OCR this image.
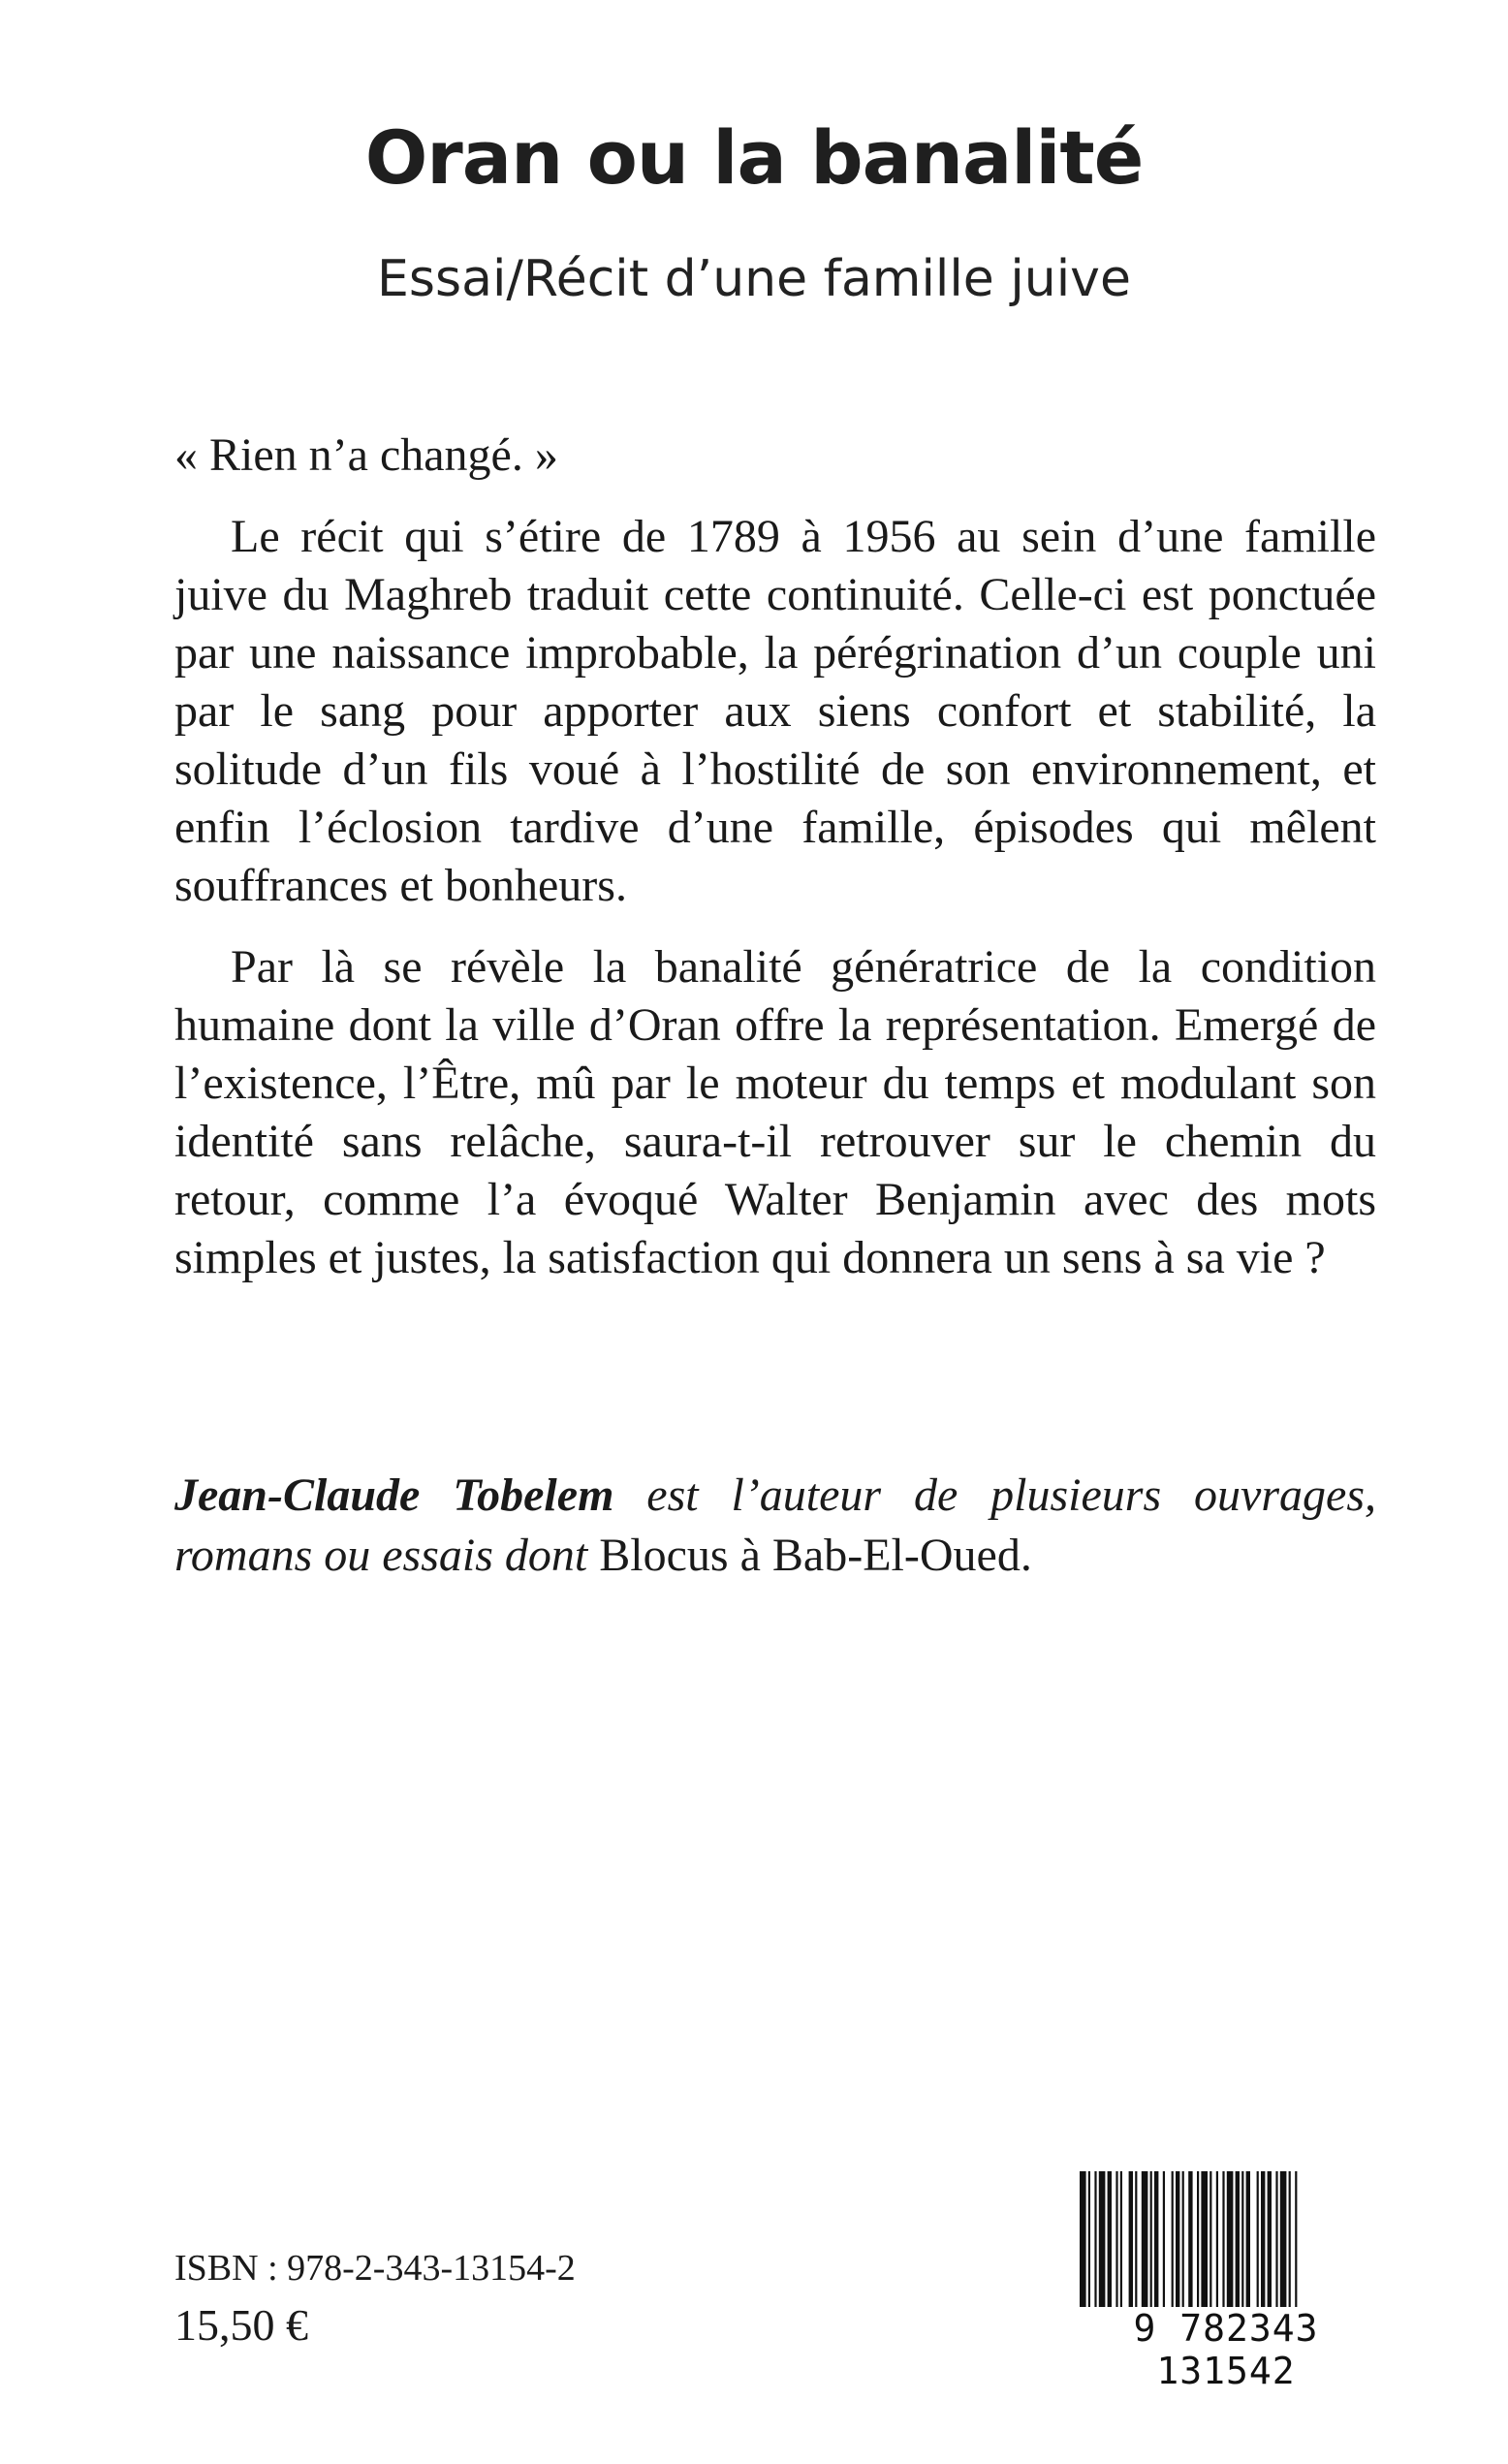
Oran ou la banalité
Essai/Récit d’une famille juive

« Rien n’a changé. »

Le récit qui s’étire de 1789 à 1956 au sein d’une famille juive du Maghreb traduit cette continuité. Celle-ci est ponctuée par une naissance improbable, la pérégrination d’un couple uni par le sang pour apporter aux siens confort et stabilité, la solitude d’un fils voué à l’hostilité de son environnement, et enfin l’éclosion tardive d’une famille, épisodes qui mêlent souffrances et bonheurs.

Par là se révèle la banalité génératrice de la condition humaine dont la ville d’Oran offre la représentation. Emergé de l’existence, l’Être, mû par le moteur du temps et modulant son identité sans relâche, saura-t-il retrouver sur le chemin du retour, comme l’a évoqué Walter Benjamin avec des mots simples et justes, la satisfaction qui donnera un sens à sa vie ?

Jean-Claude Tobelem est l’auteur de plusieurs ouvrages, romans ou essais dont Blocus à Bab-El-Oued.
ISBN : 978-2-343-13154-2
15,50 €	9 782343 131542
